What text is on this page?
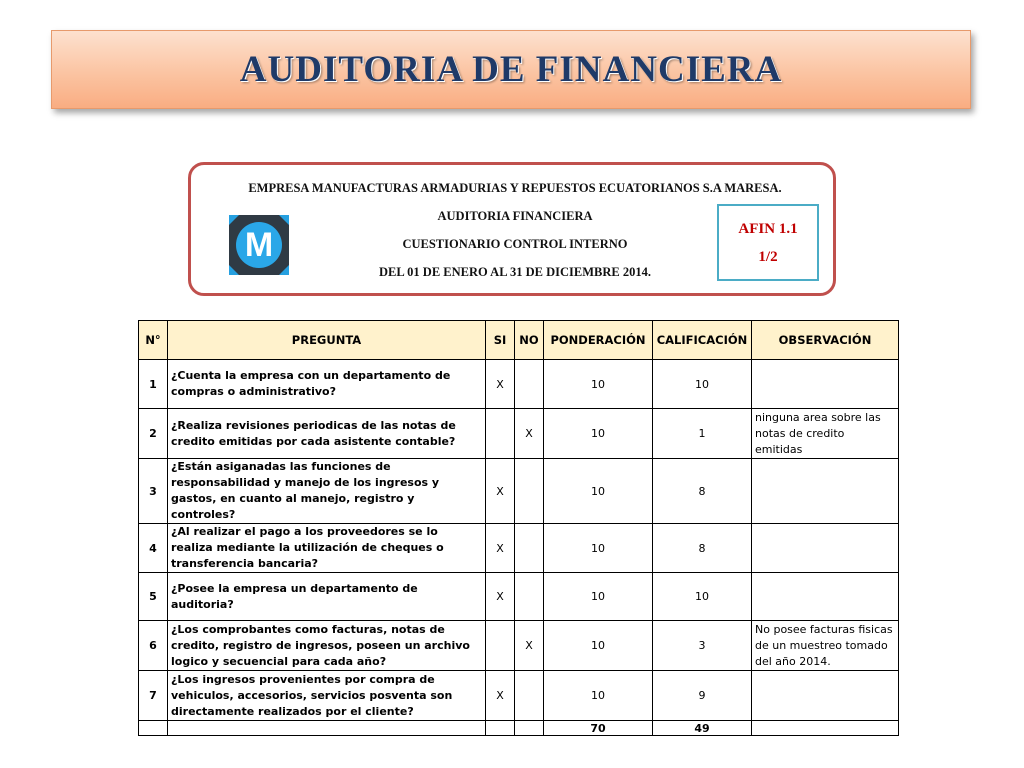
AUDITORIA DE FINANCIERA
M
EMPRESA MANUFACTURAS ARMADURIAS Y REPUESTOS ECUATORIANOS S.A MARESA.
AUDITORIA FINANCIERA
CUESTIONARIO CONTROL INTERNO
DEL 01 DE ENERO AL 31 DE DICIEMBRE 2014.
AFIN 1.1
1/2
N°	PREGUNTA	SI	NO	PONDERACIÓN	CALIFICACIÓN	OBSERVACIÓN
1	¿Cuenta la empresa con un departamento de compras o administrativo?	X		10	10	
2	¿Realiza revisiones periodicas de las notas de credito emitidas por cada asistente contable?		X	10	1	ninguna area sobre las notas de credito emitidas
3	¿Están asiganadas las funciones de responsabilidad y manejo de los ingresos y gastos, en cuanto al manejo, registro y controles?	X		10	8	
4	¿Al realizar el pago a los proveedores se lo realiza mediante la utilización de cheques o transferencia bancaria?	X		10	8	
5	¿Posee la empresa un departamento de auditoria?	X		10	10	
6	¿Los comprobantes como facturas, notas de credito, registro de ingresos, poseen un archivo logico y secuencial para cada año?		X	10	3	No posee facturas fisicas de un muestreo tomado del año 2014.
7	¿Los ingresos provenientes por compra de vehiculos, accesorios, servicios posventa son directamente realizados por el cliente?	X		10	9	
				70	49	
